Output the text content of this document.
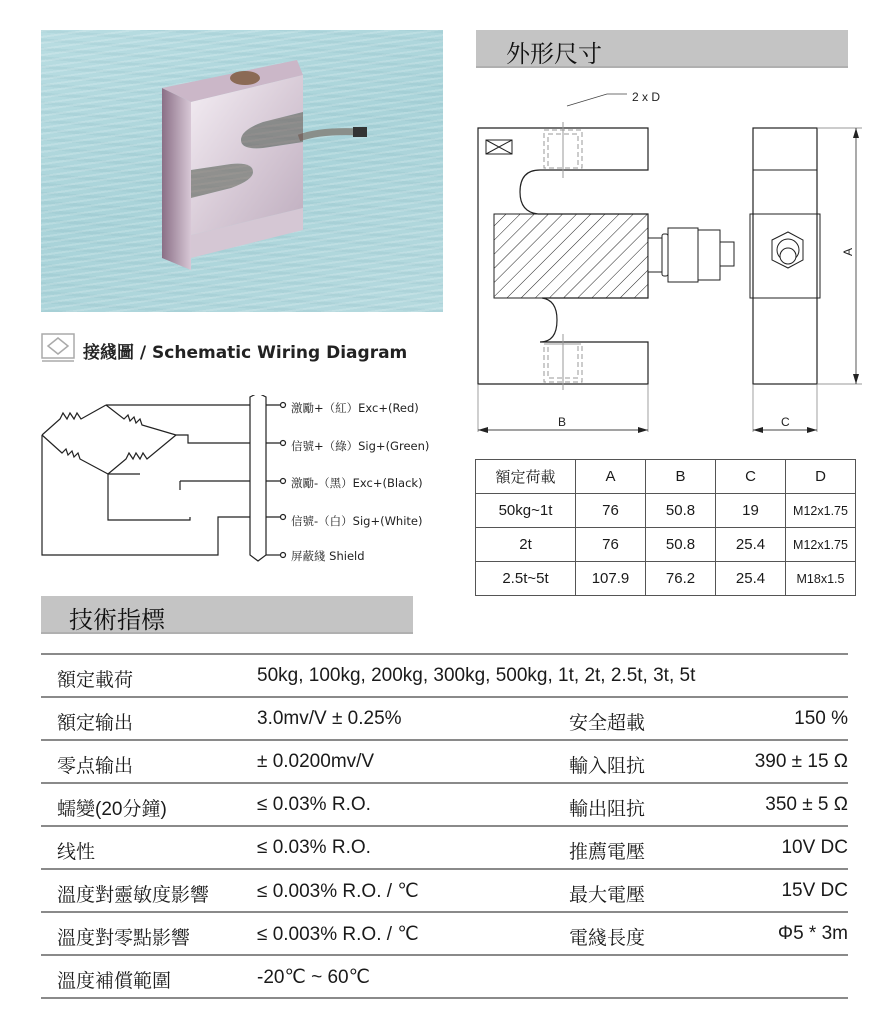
外形尺寸
A
B	C
2 x D
額定荷載	A	B	C	D
50kg~1t	76	50.8	19	M12x1.75
2t	76	50.8	25.4	M12x1.75
2.5t~5t	107.9	76.2	25.4	M18x1.5
接綫圖 / Schematic Wiring Diagram
激勵+（紅）Exc+(Red)
信號+（綠）Sig+(Green)
激勵-（黑）Exc+(Black)
信號-（白）Sig+(White)
屏蔽綫 Shield
技術指標
額定載荷	50kg, 100kg, 200kg, 300kg, 500kg, 1t, 2t, 2.5t, 3t, 5t
額定输出	3.0mv/V ± 0.25%	安全超載	150 %
零点输出	± 0.0200mv/V	輸入阻抗	390 ± 15 Ω
蠕變(20分鐘)	≤ 0.03% R.O.	輸出阻抗	350 ± 5 Ω
线性	≤ 0.03% R.O.	推薦電壓	10V DC
溫度對靈敏度影響	≤ 0.003% R.O. / ℃	最大電壓	15V DC
溫度對零點影響	≤ 0.003% R.O. / ℃	電綫長度	Φ5 * 3m
溫度補償範圍	-20℃ ~ 60℃
